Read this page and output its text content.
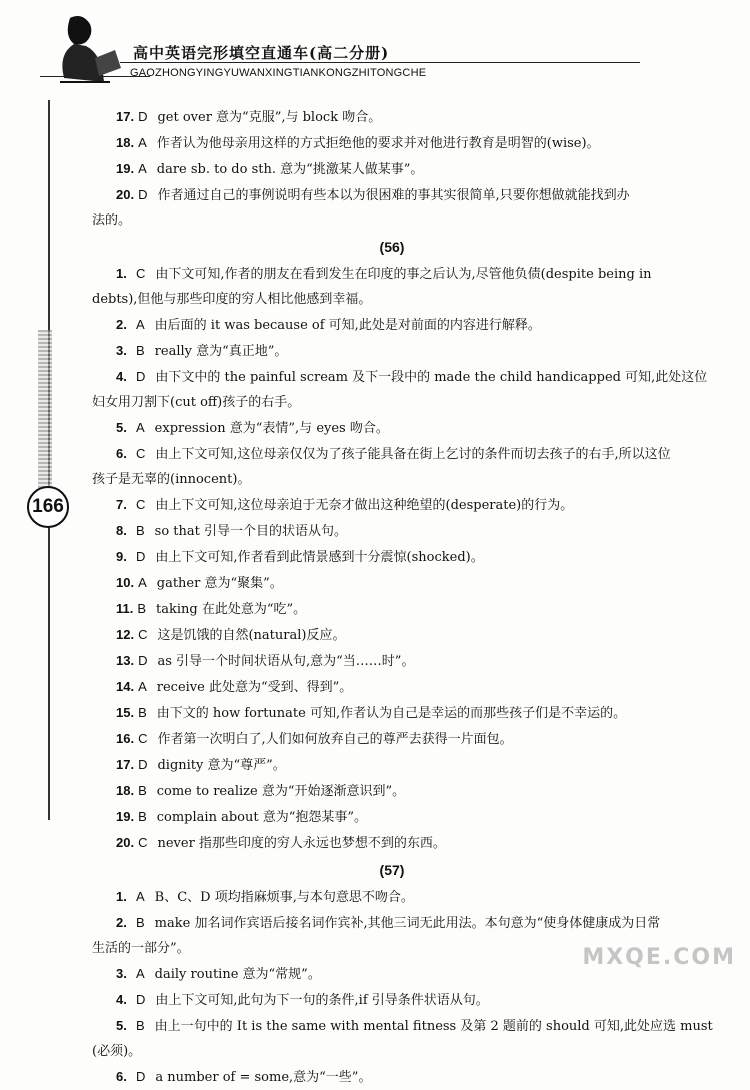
高中英语完形填空直通车(高二分册)
GAOZHONGYINGYUWANXINGTIANKONGZHITONGCHE
166
17. D get over 意为“克服”,与 block 吻合。
18. A 作者认为他母亲用这样的方式拒绝他的要求并对他进行教育是明智的(wise)。
19. A dare sb. to do sth. 意为“挑激某人做某事”。
20. D 作者通过自己的事例说明有些本以为很困难的事其实很简单,只要你想做就能找到办
法的。
(56)
1. C 由下文可知,作者的朋友在看到发生在印度的事之后认为,尽管他负债(despite being in
debts),但他与那些印度的穷人相比他感到幸福。
2. A 由后面的 it was because of 可知,此处是对前面的内容进行解释。
3. B really 意为“真正地”。
4. D 由下文中的 the painful scream 及下一段中的 made the child handicapped 可知,此处这位
妇女用刀割下(cut off)孩子的右手。
5. A expression 意为“表情”,与 eyes 吻合。
6. C 由上下文可知,这位母亲仅仅为了孩子能具备在街上乞讨的条件而切去孩子的右手,所以这位
孩子是无辜的(innocent)。
7. C 由上下文可知,这位母亲迫于无奈才做出这种绝望的(desperate)的行为。
8. B so that 引导一个目的状语从句。
9. D 由上下文可知,作者看到此情景感到十分震惊(shocked)。
10. A gather 意为“聚集”。
11. B taking 在此处意为“吃”。
12. C 这是饥饿的自然(natural)反应。
13. D as 引导一个时间状语从句,意为“当……时”。
14. A receive 此处意为“受到、得到”。
15. B 由下文的 how fortunate 可知,作者认为自己是幸运的而那些孩子们是不幸运的。
16. C 作者第一次明白了,人们如何放弃自己的尊严去获得一片面包。
17. D dignity 意为“尊严”。
18. B come to realize 意为“开始逐渐意识到”。
19. B complain about 意为“抱怨某事”。
20. C never 指那些印度的穷人永远也梦想不到的东西。
(57)
1. A B、C、D 项均指麻烦事,与本句意思不吻合。
2. B make 加名词作宾语后接名词作宾补,其他三词无此用法。本句意为“使身体健康成为日常
生活的一部分”。
3. A daily routine 意为“常规”。
4. D 由上下文可知,此句为下一句的条件,if 引导条件状语从句。
5. B 由上一句中的 It is the same with mental fitness 及第 2 题前的 should 可知,此处应选 must
(必须)。
6. D a number of = some,意为“一些”。
MXQE.COM
